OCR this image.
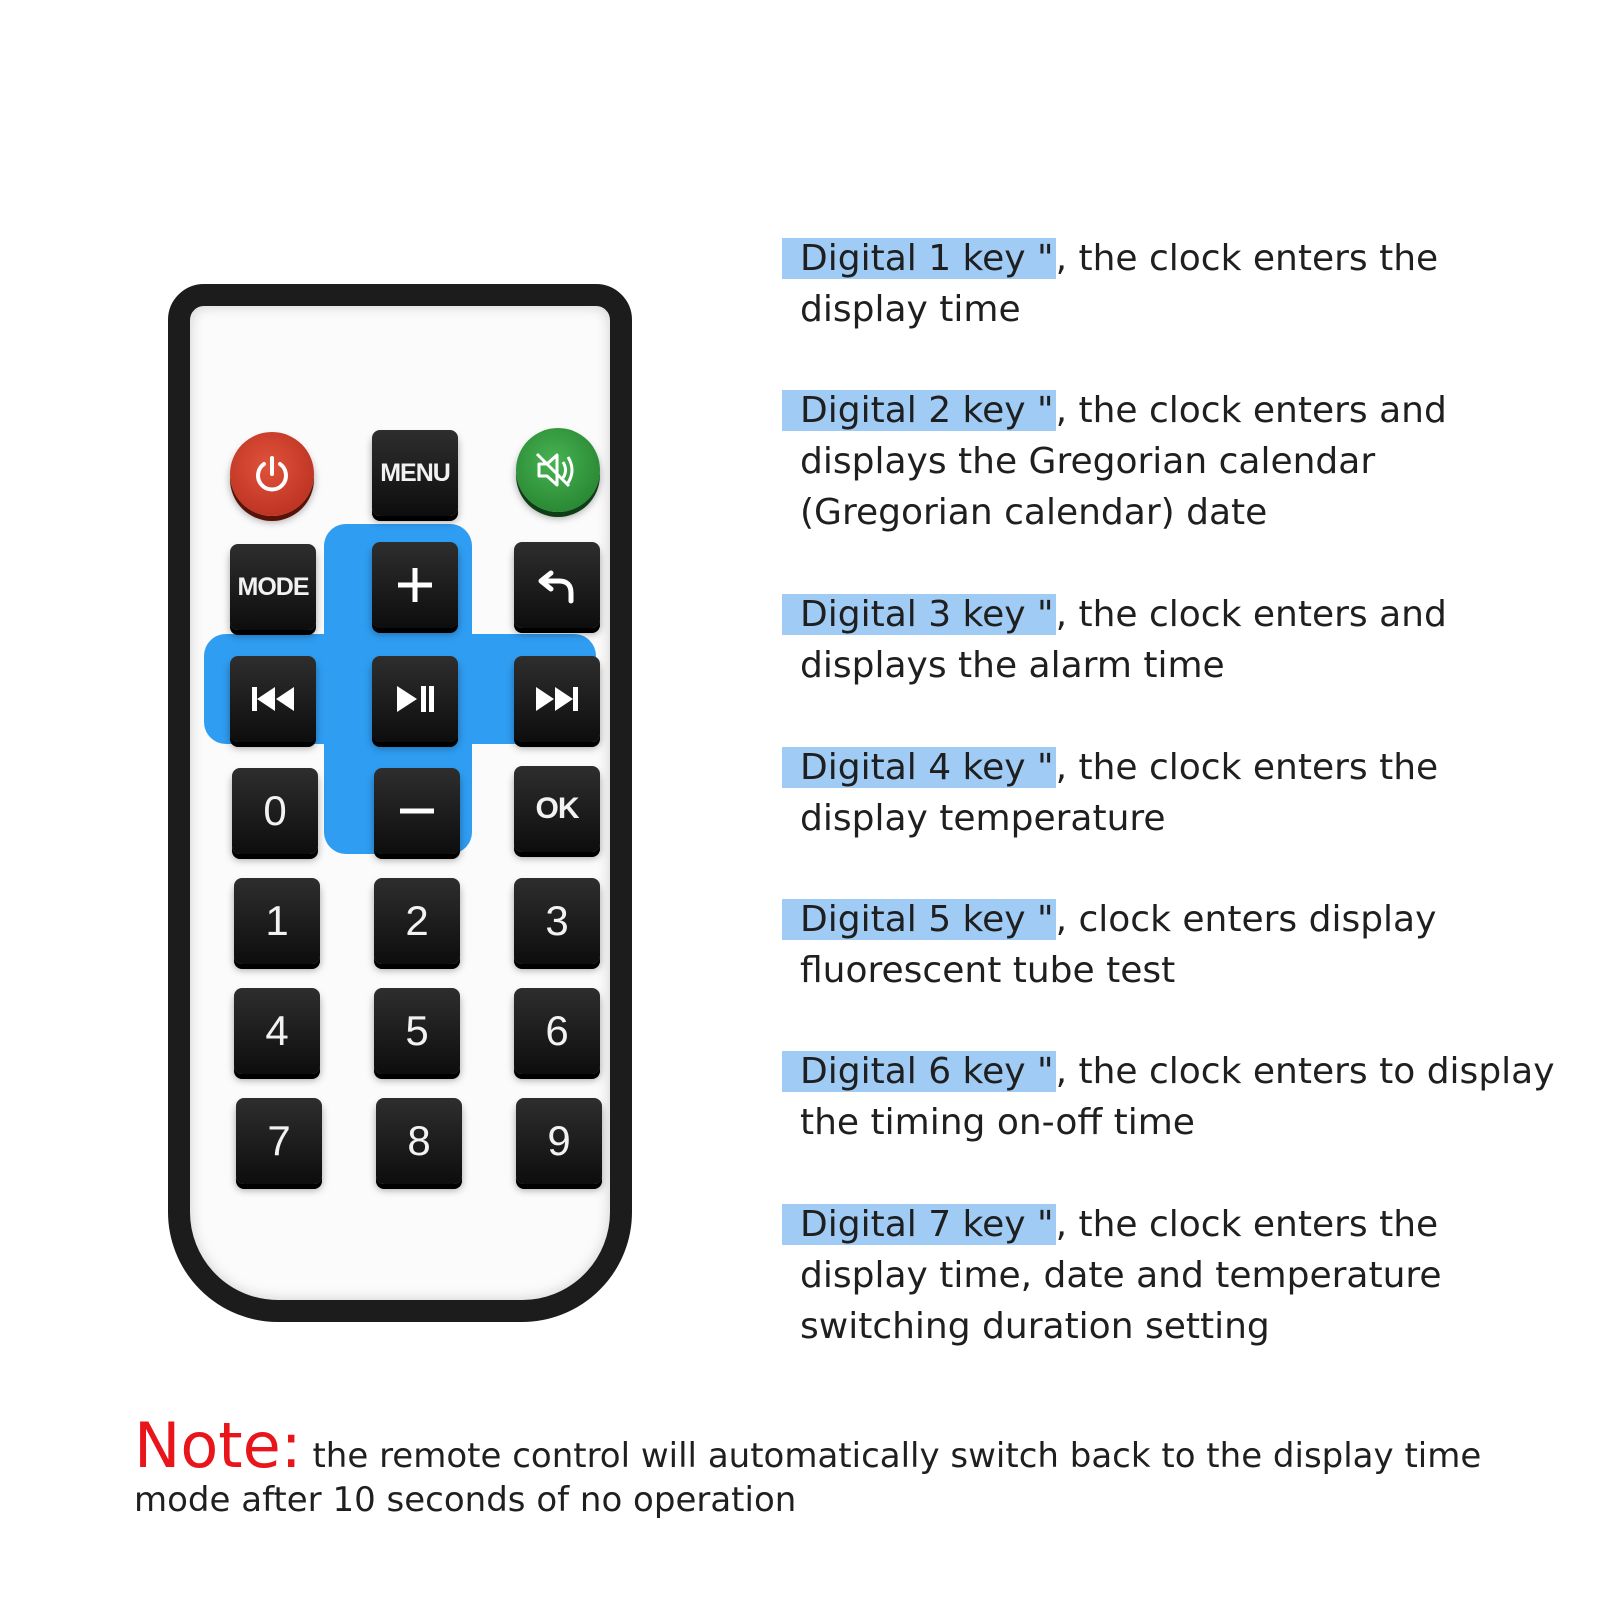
MENU
MODE
0	OK
1	2	3
4	5	6
7	8	9
Digital 1 key ", the clock enters the display time
Digital 2 key ", the clock enters and displays the Gregorian calendar (Gregorian calendar) date
Digital 3 key ", the clock enters and displays the alarm time
Digital 4 key ", the clock enters the display temperature
Digital 5 key ", clock enters display fluorescent tube test
Digital 6 key ", the clock enters to display the timing on-off time
Digital 7 key ", the clock enters the display time, date and temperature switching duration setting
Note: the remote control will automatically switch back to the display time mode after 10 seconds of no operation
